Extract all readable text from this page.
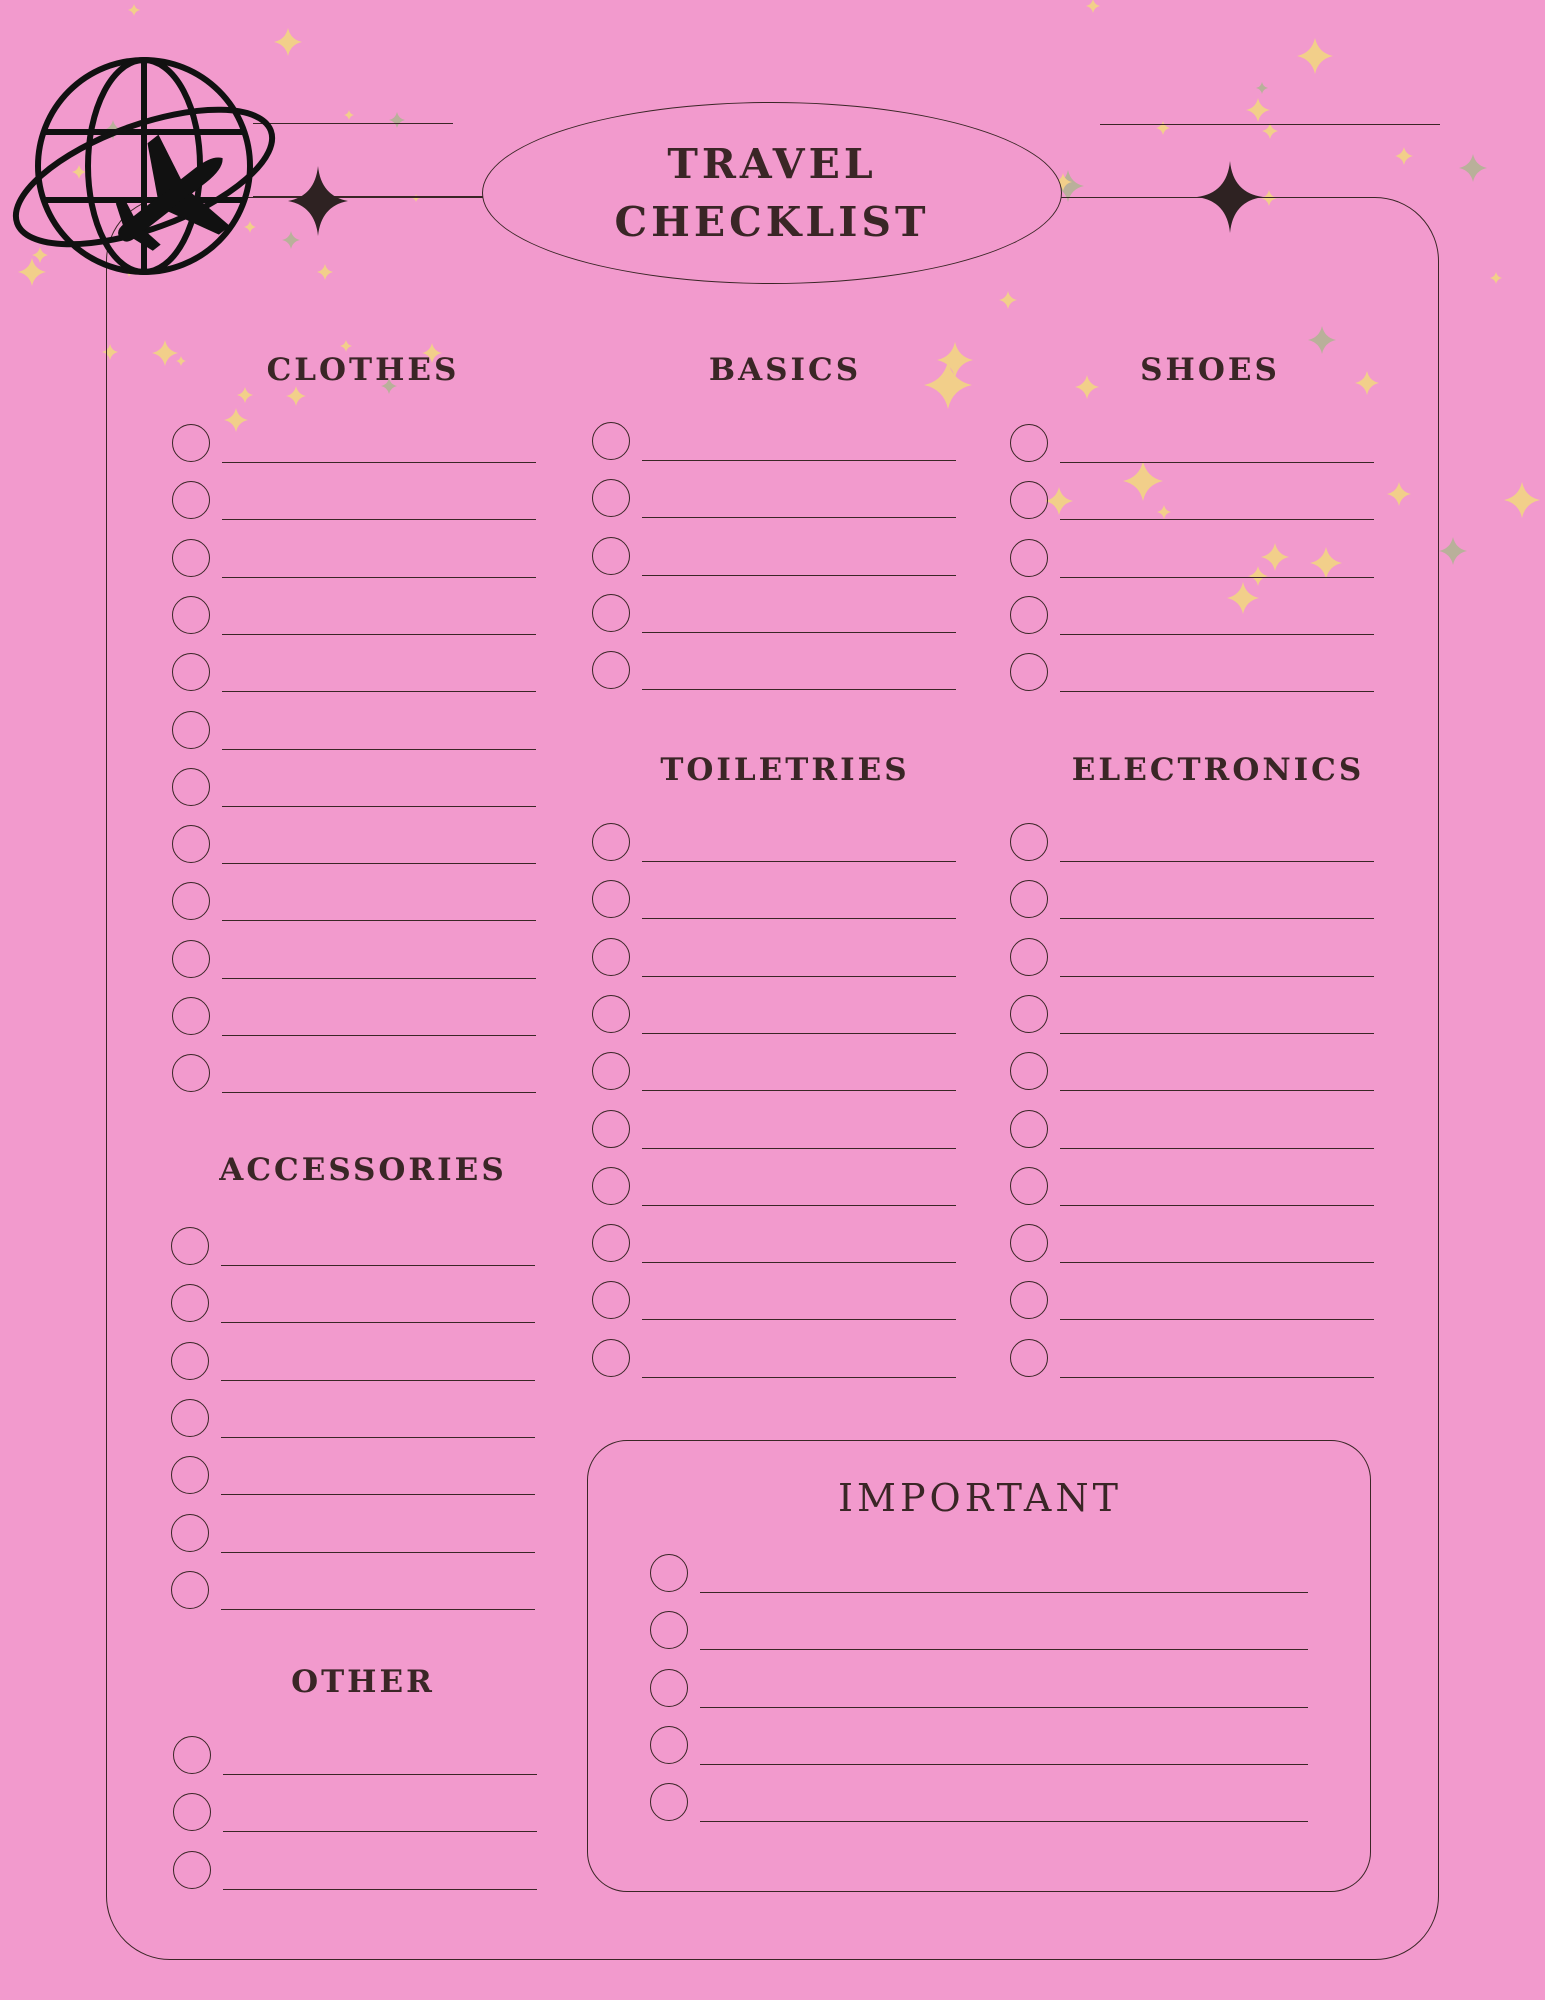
TRAVEL
CHECKLIST
CLOTHES	BASICS	SHOES
TOILETRIES	ELECTRONICS
ACCESSORIES
OTHER
IMPORTANT
